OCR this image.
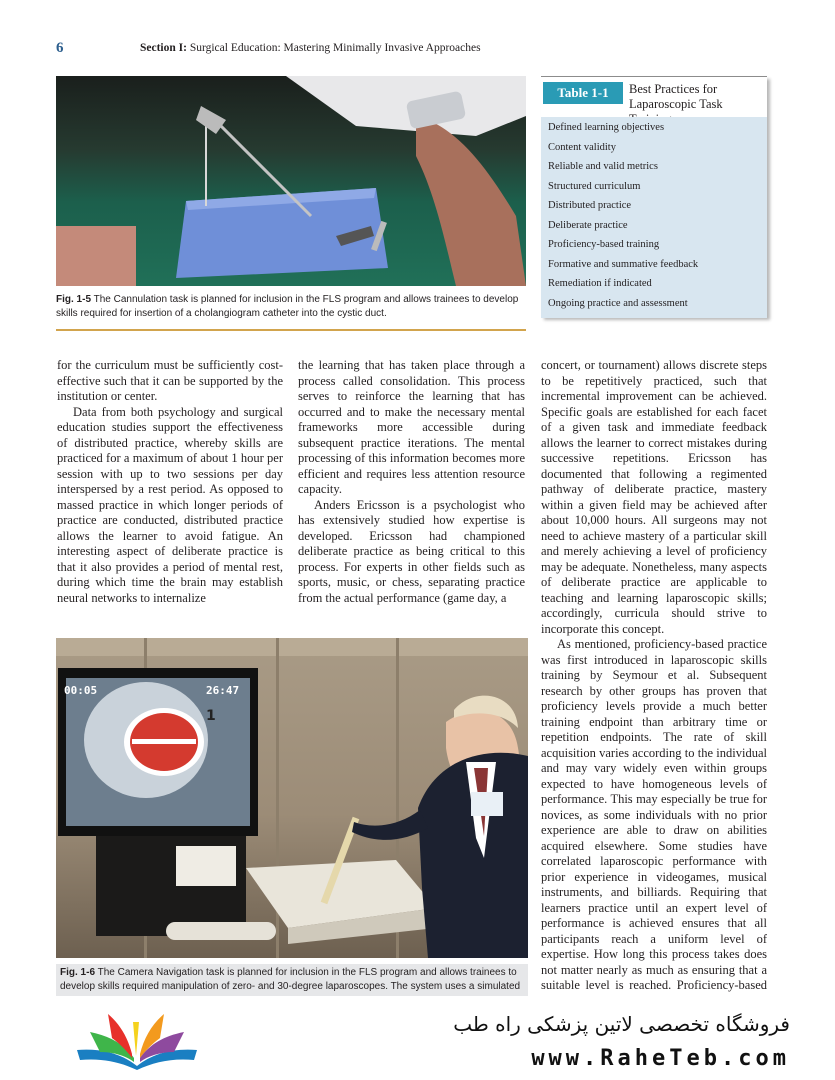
6	Section I: Surgical Education: Mastering Minimally Invasive Approaches
Fig. 1-5 The Cannulation task is planned for inclusion in the FLS program and allows trainees to develop skills required for insertion of a cholangiogram catheter into the cystic duct.
Table 1-1	Best Practices for Laparoscopic Task
Defined learning objectives
Content validity
Reliable and valid metrics
Structured curriculum
Distributed practice
Deliberate practice
Proficiency-based training
Formative and summative feedback
Remediation if indicated
Ongoing practice and assessment

for the curriculum must be sufficiently cost-effective such that it can be supported by the institution or center.

Data from both psychology and surgical education studies support the effectiveness of distributed practice, whereby skills are practiced for a maximum of about 1 hour per session with up to two sessions per day interspersed by a rest period. As opposed to massed practice in which longer periods of practice are conducted, distributed practice allows the learner to avoid fatigue. An interesting aspect of deliberate practice is that it also provides a period of mental rest, during which time the brain may establish neural networks to internalize

the learning that has taken place through a process called consolidation. This process serves to reinforce the learning that has occurred and to make the necessary mental frameworks more accessible during subsequent practice iterations. The mental processing of this information becomes more efficient and requires less attention resource capacity.

Anders Ericsson is a psychologist who has extensively studied how expertise is developed. Ericsson had championed deliberate practice as being critical to this process. For experts in other fields such as sports, music, or chess, separating practice from the actual performance (game day, a

concert, or tournament) allows discrete steps to be repetitively practiced, such that incremental improvement can be achieved. Specific goals are established for each facet of a given task and immediate feedback allows the learner to correct mistakes during successive repetitions. Ericsson has documented that following a regimented pathway of deliberate practice, mastery within a given field may be achieved after about 10,000 hours. All surgeons may not need to achieve mastery of a particular skill and merely achieving a level of proficiency may be adequate. Nonetheless, many aspects of deliberate practice are applicable to teaching and learning laparoscopic skills; accordingly, curricula should strive to incorporate this concept.

As mentioned, proficiency-based practice was first introduced in laparoscopic skills training by Seymour et al. Subsequent research by other groups has proven that proficiency levels provide a much better training endpoint than arbitrary time or repetition endpoints. The rate of skill acquisition varies according to the individual and may vary widely even within groups expected to have homogeneous levels of performance. This may especially be true for novices, as some individuals with no prior experience are able to draw on abilities acquired elsewhere. Some studies have correlated laparoscopic performance with prior experience in videogames, musical instruments, and billiards. Requiring that learners practice until an expert level of performance is achieved ensures that all participants reach a uniform level of expertise. How long this process takes does not matter nearly as much as ensuring that a suitable level is reached. Proficiency-based

00:05	26:47
1
Fig. 1-6 The Camera Navigation task is planned for inclusion in the FLS program and allows trainees to develop skills required manipulation of zero- and 30-degree laparoscopes. The system uses a simulated
فروشگاه تخصصی لاتین پزشکی راه طب
www.RaheTeb.com
